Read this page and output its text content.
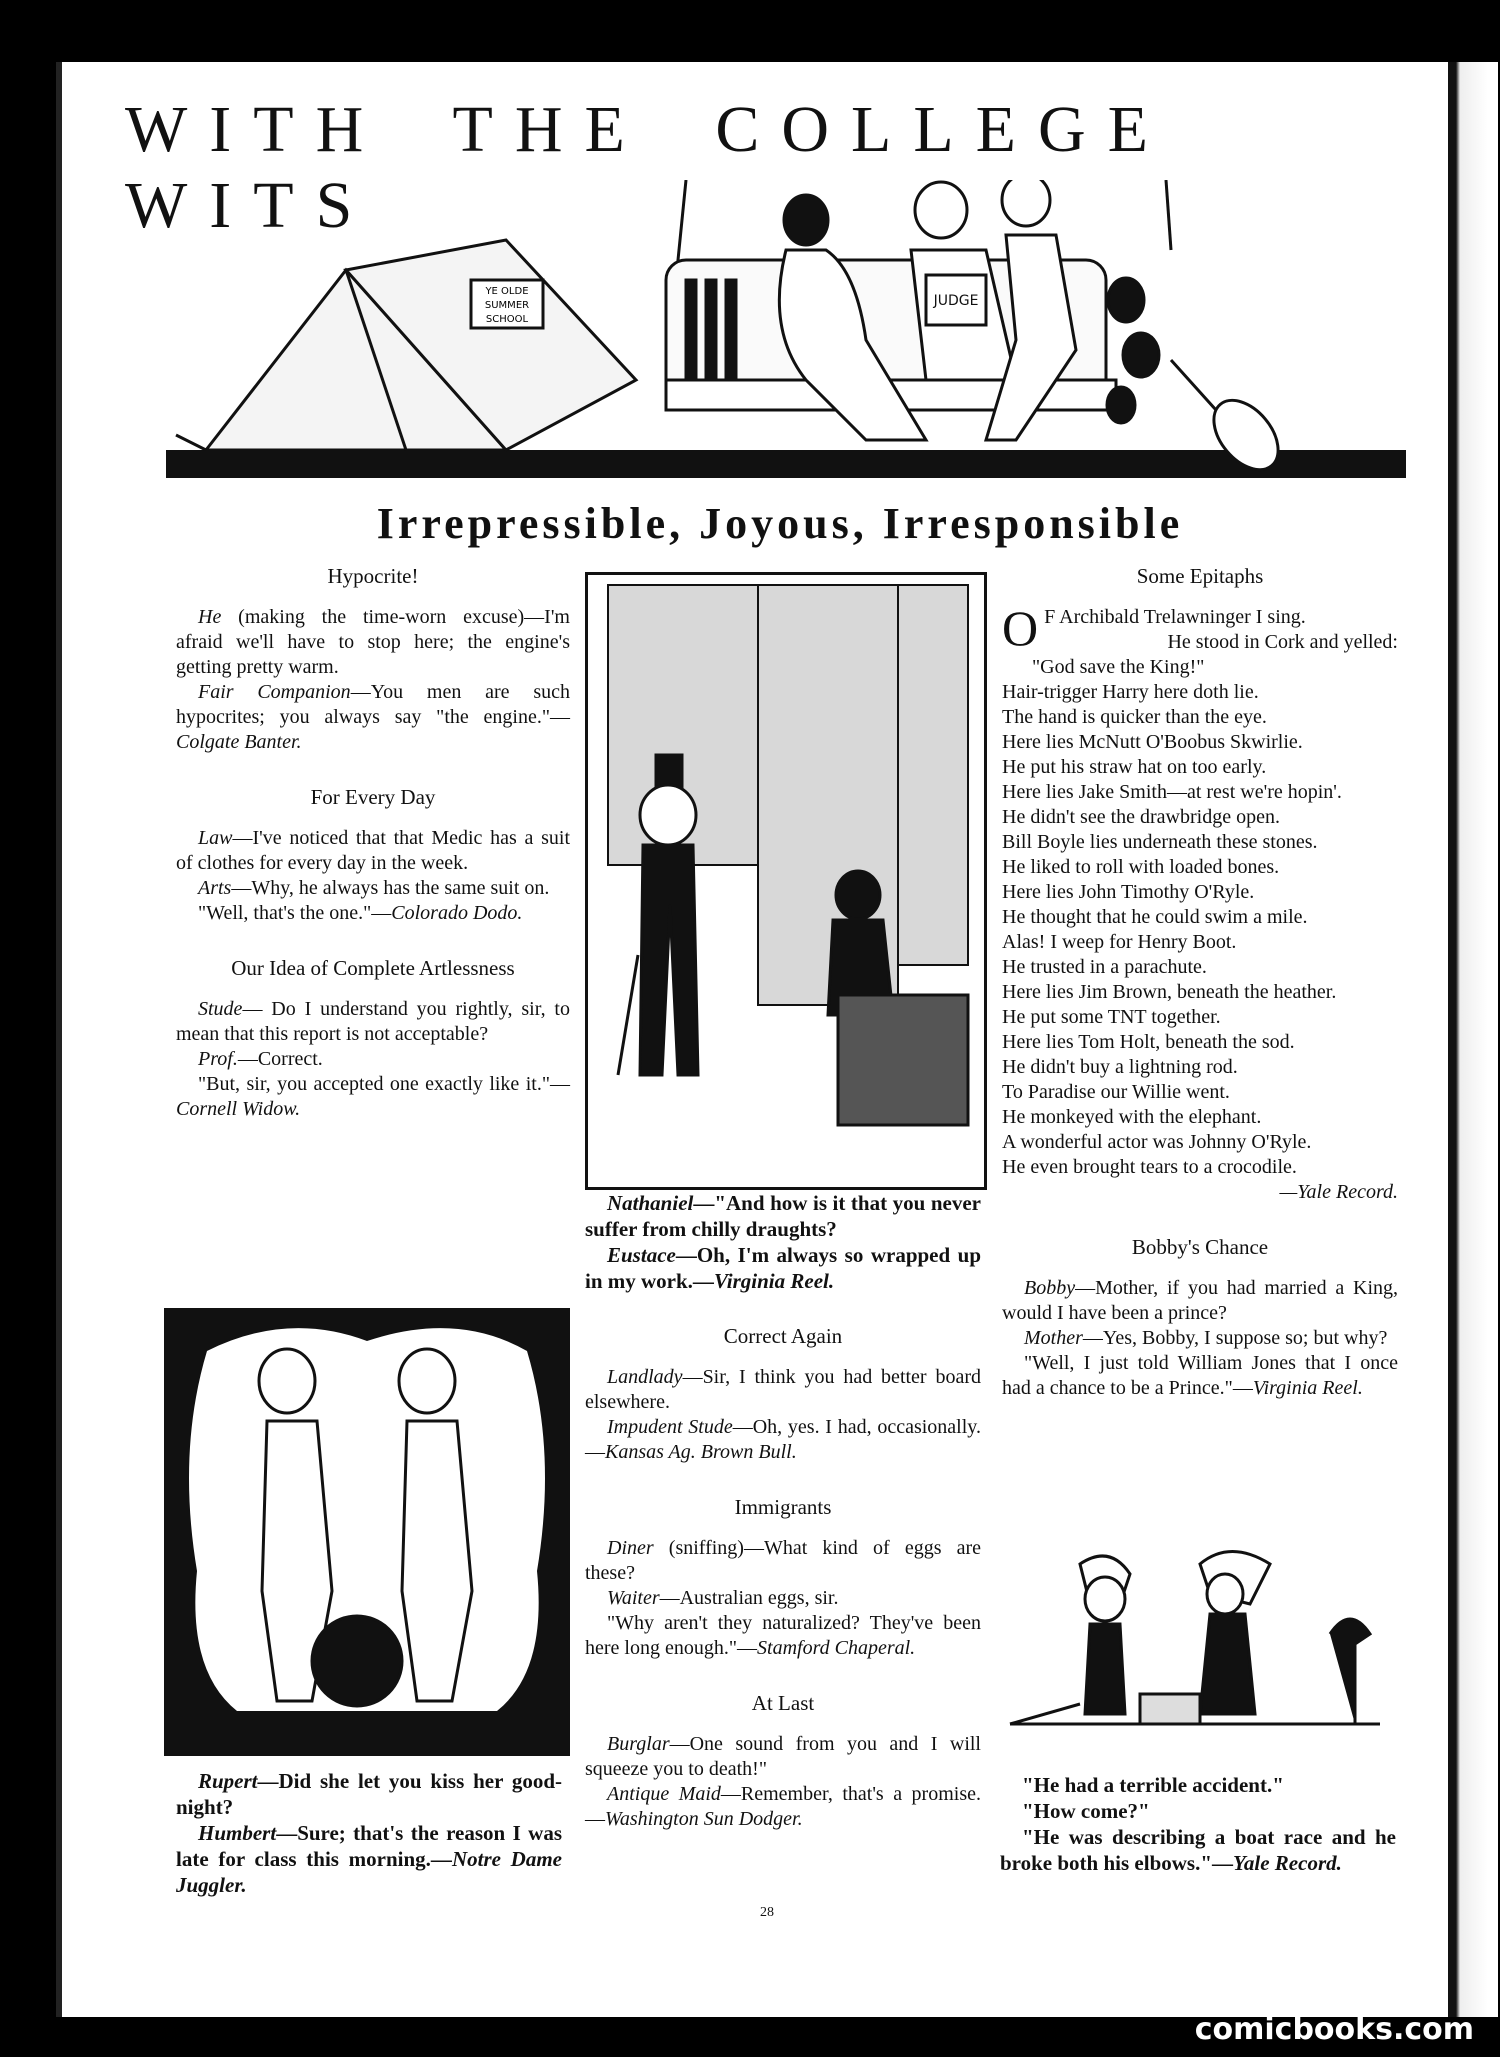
WITH THE COLLEGE WITS
YE OLDE
SUMMER
SCHOOL
JUDGE
Irrepressible, Joyous, Irresponsible
Hypocrite!

He (making the time-worn excuse)—I'm afraid we'll have to stop here; the engine's getting pretty warm.

Fair Companion—You men are such hypocrites; you always say "the engine."—Colgate Banter.

For Every Day

Law—I've noticed that that Medic has a suit of clothes for every day in the week.

Arts—Why, he always has the same suit on.

"Well, that's the one."—Colorado Dodo.

Our Idea of Complete Artlessness

Stude— Do I understand you rightly, sir, to mean that this report is not acceptable?

Prof.—Correct.

"But, sir, you accepted one exactly like it."—Cornell Widow.

Rupert—Did she let you kiss her good-night?

Humbert—Sure; that's the reason I was late for class this morning.—Notre Dame Juggler.

Nathaniel—"And how is it that you never suffer from chilly draughts?

Eustace—Oh, I'm always so wrapped up in my work.—Virginia Reel.

Correct Again

Landlady—Sir, I think you had better board elsewhere.

Impudent Stude—Oh, yes. I had, occasionally.—Kansas Ag. Brown Bull.

Immigrants

Diner (sniffing)—What kind of eggs are these?

Waiter—Australian eggs, sir.

"Why aren't they naturalized? They've been here long enough."—Stamford Chaperal.

At Last

Burglar—One sound from you and I will squeeze you to death!"

Antique Maid—Remember, that's a promise.—Washington Sun Dodger.

Some Epitaphs

O F Archibald Trelawninger I sing.

He stood in Cork and yelled:

"God save the King!"

Hair-trigger Harry here doth lie.

The hand is quicker than the eye.

Here lies McNutt O'Boobus Skwirlie.

He put his straw hat on too early.

Here lies Jake Smith—at rest we're hopin'.

He didn't see the drawbridge open.

Bill Boyle lies underneath these stones.

He liked to roll with loaded bones.

Here lies John Timothy O'Ryle.

He thought that he could swim a mile.

Alas! I weep for Henry Boot.

He trusted in a parachute.

Here lies Jim Brown, beneath the heather.

He put some TNT together.

Here lies Tom Holt, beneath the sod.

He didn't buy a lightning rod.

To Paradise our Willie went.

He monkeyed with the elephant.

A wonderful actor was Johnny O'Ryle.

He even brought tears to a crocodile.

—Yale Record.

Bobby's Chance

Bobby—Mother, if you had married a King, would I have been a prince?

Mother—Yes, Bobby, I suppose so; but why?

"Well, I just told William Jones that I once had a chance to be a Prince."—Virginia Reel.

"He had a terrible accident."

"How come?"

"He was describing a boat race and he broke both his elbows."—Yale Record.

28
comicbooks.com
